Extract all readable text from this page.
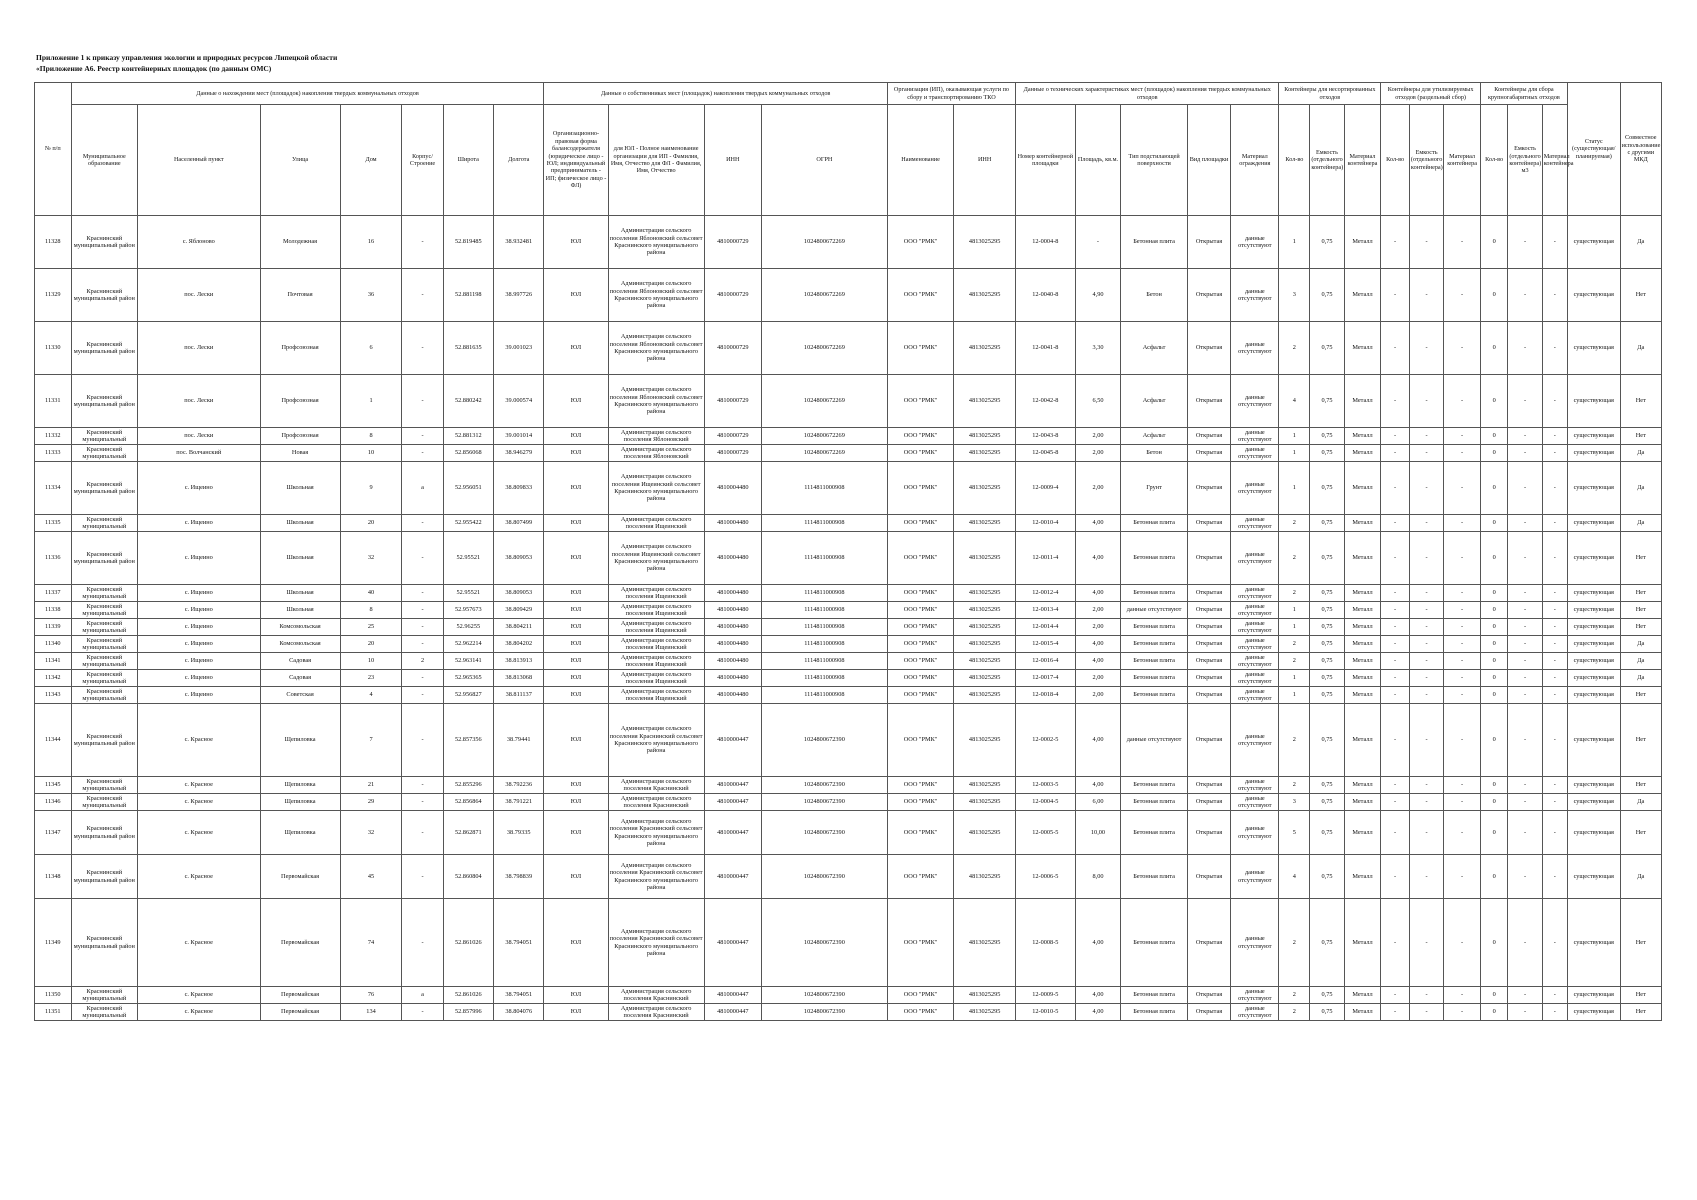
Приложение 1 к приказу управления экологии и природных ресурсов Липецкой области
«Приложение А6. Реестр контейнерных площадок (по данным ОМС)
№ п/п	Данные о нахождении мест (площадок) накопления твердых коммунальных отходов							Данные о собственниках мест (площадок) накопления твердых коммунальных отходов				Организация (ИП), оказывающая услуги по сбору и транспортированию ТКО		Данные о технических характеристиках мест (площадок) накопления твердых коммунальных отходов					Контейнеры для несортированных отходов			Контейнеры для утилизируемых отходов (раздельный сбор)			Контейнеры для сборa крупногабаритных отходов			Статус (существующая/ планируемая)	Совместное использование с другими МКД
	Муниципальное образование	Населенный пункт	Улица	Дом	Корпус/Строение	Широта	Долгота	Организационно-правовая форма балансодержателя (юридическое лицо - ЮЛ; индивидуальный предприниматель - ИП; физическое лицо - ФЛ)	для ЮЛ - Полное наименование организации для ИП - Фамилия, Имя, Отчество для ФЛ - Фамилия, Имя, Отчество	ИНН	ОГРН	Наименование	ИНН	Номер контейнерной площадки	Площадь, кв.м.	Тип подстилающей поверхности	Вид площадки	Материал ограждения	Кол-во	Емкость (отдельного контейнера)	Материал контейнера	Кол-во	Емкость (отдельного контейнера)	Материал контейнера	Кол-во	Емкость (отдельного контейнера) м3	Материал контейнера		
11328	Краснинский муниципальный район	с. Яблоново	Молодежная	16	-	52.819485	38.932481	ЮЛ	Администрация сельского поселения Яблоновский сельсовет Краснинского муниципального района	4810000729	1024800672269	ООО "РМК"	4813025295	12-0004-8	-	Бетонная плита	Открытая	данные отсутствуют	1	0,75	Металл	-	-	-	0	-	-	существующая	Да
11329	Краснинский муниципальный район	пос. Лески	Почтовая	36	-	52.881198	38.997726	ЮЛ	Администрация сельского поселения Яблоновский сельсовет Краснинского муниципального района	4810000729	1024800672269	ООО "РМК"	4813025295	12-0040-8	4,90	Бетон	Открытая	данные отсутствуют	3	0,75	Металл	-	-	-	0	-	-	существующая	Нет
11330	Краснинский муниципальный район	пос. Лески	Профсоюзная	6	-	52.881635	39.001023	ЮЛ	Администрация сельского поселения Яблоновский сельсовет Краснинского муниципального района	4810000729	1024800672269	ООО "РМК"	4813025295	12-0041-8	3,30	Асфальт	Открытая	данные отсутствуют	2	0,75	Металл	-	-	-	0	-	-	существующая	Да
11331	Краснинский муниципальный район	пос. Лески	Профсоюзная	1	-	52.880242	39.000574	ЮЛ	Администрация сельского поселения Яблоновский сельсовет Краснинского муниципального района	4810000729	1024800672269	ООО "РМК"	4813025295	12-0042-8	6,50	Асфальт	Открытая	данные отсутствуют	4	0,75	Металл	-	-	-	0	-	-	существующая	Нет
11332	Краснинский муниципальный	пос. Лески	Профсоюзная	8	-	52.881312	39.001014	ЮЛ	Администрация сельского поселения Яблоновский	4810000729	1024800672269	ООО "РМК"	4813025295	12-0043-8	2,00	Асфальт	Открытая	данные отсутствуют	1	0,75	Металл	-	-	-	0	-	-	существующая	Нет
11333	Краснинский муниципальный	пос. Волчанский	Новая	10	-	52.856068	38.946279	ЮЛ	Администрация сельского поселения Яблоновский	4810000729	1024800672269	ООО "РМК"	4813025295	12-0045-8	2,00	Бетон	Открытая	данные отсутствуют	1	0,75	Металл	-	-	-	0	-	-	существующая	Да
11334	Краснинский муниципальный район	с. Ищеино	Школьная	9	а	52.956051	38.809833	ЮЛ	Администрация сельского поселения Ищеинский сельсовет Краснинского муниципального района	4810004480	1114811000908	ООО "РМК"	4813025295	12-0009-4	2,00	Грунт	Открытая	данные отсутствуют	1	0,75	Металл	-	-	-	0	-	-	существующая	Да
11335	Краснинский муниципальный	с. Ищеино	Школьная	20	-	52.955422	38.807499	ЮЛ	Администрация сельского поселения Ищеинский	4810004480	1114811000908	ООО "РМК"	4813025295	12-0010-4	4,00	Бетонная плита	Открытая	данные отсутствуют	2	0,75	Металл	-	-	-	0	-	-	существующая	Да
11336	Краснинский муниципальный район	с. Ищеино	Школьная	32	-	52.95521	38.809053	ЮЛ	Администрация сельского поселения Ищеинский сельсовет Краснинского муниципального района	4810004480	1114811000908	ООО "РМК"	4813025295	12-0011-4	4,00	Бетонная плита	Открытая	данные отсутствуют	2	0,75	Металл	-	-	-	0	-	-	существующая	Нет
11337	Краснинский муниципальный	с. Ищеино	Школьная	40	-	52.95521	38.809053	ЮЛ	Администрация сельского поселения Ищеинский	4810004480	1114811000908	ООО "РМК"	4813025295	12-0012-4	4,00	Бетонная плита	Открытая	данные отсутствуют	2	0,75	Металл	-	-	-	0	-	-	существующая	Нет
11338	Краснинский муниципальный	с. Ищеино	Школьная	8	-	52.957673	38.809429	ЮЛ	Администрация сельского поселения Ищеинский	4810004480	1114811000908	ООО "РМК"	4813025295	12-0013-4	2,00	данные отсутствуют	Открытая	данные отсутствуют	1	0,75	Металл	-	-	-	0	-	-	существующая	Нет
11339	Краснинский муниципальный	с. Ищеино	Комсомольская	25	-	52.96255	38.804211	ЮЛ	Администрация сельского поселения Ищеинский	4810004480	1114811000908	ООО "РМК"	4813025295	12-0014-4	2,00	Бетонная плита	Открытая	данные отсутствуют	1	0,75	Металл	-	-	-	0	-	-	существующая	Нет
11340	Краснинский муниципальный	с. Ищеино	Комсомольская	20	-	52.962214	38.804202	ЮЛ	Администрация сельского поселения Ищеинский	4810004480	1114811000908	ООО "РМК"	4813025295	12-0015-4	4,00	Бетонная плита	Открытая	данные отсутствуют	2	0,75	Металл	-	-	-	0	-	-	существующая	Да
11341	Краснинский муниципальный	с. Ищеино	Садовая	10	2	52.963141	38.813913	ЮЛ	Администрация сельского поселения Ищеинский	4810004480	1114811000908	ООО "РМК"	4813025295	12-0016-4	4,00	Бетонная плита	Открытая	данные отсутствуют	2	0,75	Металл	-	-	-	0	-	-	существующая	Да
11342	Краснинский муниципальный	с. Ищеино	Садовая	23	-	52.965365	38.813068	ЮЛ	Администрация сельского поселения Ищеинский	4810004480	1114811000908	ООО "РМК"	4813025295	12-0017-4	2,00	Бетонная плита	Открытая	данные отсутствуют	1	0,75	Металл	-	-	-	0	-	-	существующая	Да
11343	Краснинский муниципальный	с. Ищеино	Советская	4	-	52.956827	38.811137	ЮЛ	Администрация сельского поселения Ищеинский	4810004480	1114811000908	ООО "РМК"	4813025295	12-0018-4	2,00	Бетонная плита	Открытая	данные отсутствуют	1	0,75	Металл	-	-	-	0	-	-	существующая	Нет
11344	Краснинский муниципальный район	с. Красное	Щепиловка	7	-	52.857356	38.79441	ЮЛ	Администрация сельского поселения Краснинский сельсовет Краснинского муниципального района	4810000447	1024800672390	ООО "РМК"	4813025295	12-0002-5	4,00	данные отсутствуют	Открытая	данные отсутствуют	2	0,75	Металл	-	-	-	0	-	-	существующая	Нет
11345	Краснинский муниципальный	с. Красное	Щепиловка	21	-	52.855296	38.792236	ЮЛ	Администрация сельского поселения Краснинский	4810000447	1024800672390	ООО "РМК"	4813025295	12-0003-5	4,00	Бетонная плита	Открытая	данные отсутствуют	2	0,75	Металл	-	-	-	0	-	-	существующая	Нет
11346	Краснинский муниципальный	с. Красное	Щепиловка	29	-	52.856864	38.791221	ЮЛ	Администрация сельского поселения Краснинский	4810000447	1024800672390	ООО "РМК"	4813025295	12-0004-5	6,00	Бетонная плита	Открытая	данные отсутствуют	3	0,75	Металл	-	-	-	0	-	-	существующая	Да
11347	Краснинский муниципальный район	с. Красное	Щепиловка	32	-	52.862871	38.79335	ЮЛ	Администрация сельского поселения Краснинский сельсовет Краснинского муниципального района	4810000447	1024800672390	ООО "РМК"	4813025295	12-0005-5	10,00	Бетонная плита	Открытая	данные отсутствуют	5	0,75	Металл	-	-	-	0	-	-	существующая	Нет
11348	Краснинский муниципальный район	с. Красное	Первомайская	45	-	52.860804	38.798839	ЮЛ	Администрация сельского поселения Краснинский сельсовет Краснинского муниципального района	4810000447	1024800672390	ООО "РМК"	4813025295	12-0006-5	8,00	Бетонная плита	Открытая	данные отсутствуют	4	0,75	Металл	-	-	-	0	-	-	существующая	Да
11349	Краснинский муниципальный район	с. Красное	Первомайская	74	-	52.861026	38.794051	ЮЛ	Администрация сельского поселения Краснинский сельсовет Краснинского муниципального района	4810000447	1024800672390	ООО "РМК"	4813025295	12-0008-5	4,00	Бетонная плита	Открытая	данные отсутствуют	2	0,75	Металл	-	-	-	0	-	-	существующая	Нет
11350	Краснинский муниципальный	с. Красное	Первомайская	76	а	52.861026	38.794051	ЮЛ	Администрация сельского поселения Краснинский	4810000447	1024800672390	ООО "РМК"	4813025295	12-0009-5	4,00	Бетонная плита	Открытая	данные отсутствуют	2	0,75	Металл	-	-	-	0	-	-	существующая	Нет
11351	Краснинский муниципальный	с. Красное	Первомайская	134	-	52.857996	38.804076	ЮЛ	Администрация сельского поселения Краснинский	4810000447	1024800672390	ООО "РМК"	4813025295	12-0010-5	4,00	Бетонная плита	Открытая	данные отсутствуют	2	0,75	Металл	-	-	-	0	-	-	существующая	Нет
